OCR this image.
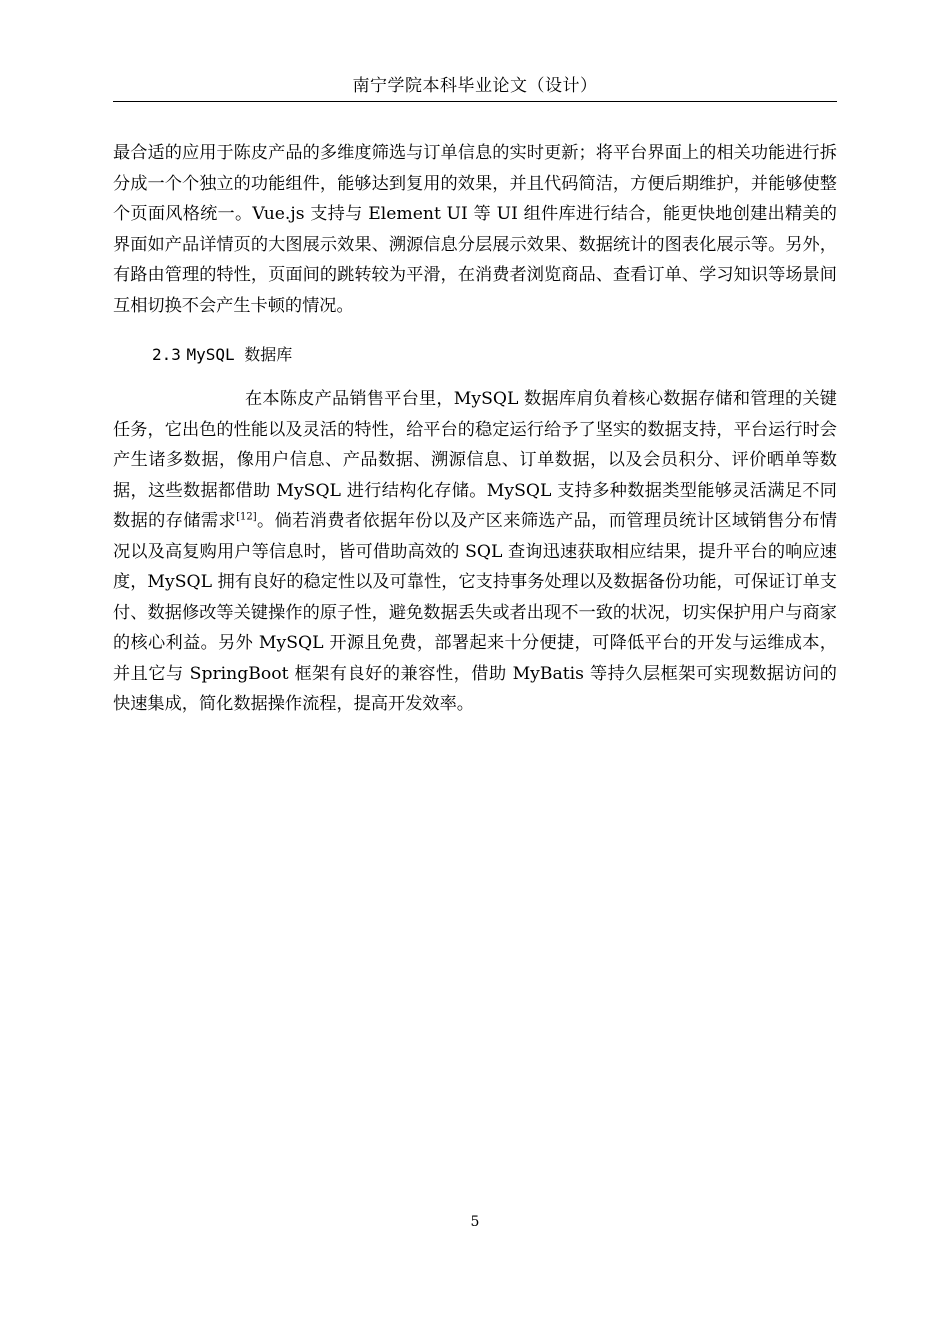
南宁学院本科毕业论文（设计）

最合适的应用于陈皮产品的多维度筛选与订单信息的实时更新；将平台界面上的相关功能进行拆分成一个个独立的功能组件，能够达到复用的效果，并且代码简洁，方便后期维护，并能够使整个页面风格统一。Vue.js 支持与 Element UI 等 UI 组件库进行结合，能更快地创建出精美的界面如产品详情页的大图展示效果、溯源信息分层展示效果、数据统计的图表化展示等。另外，有路由管理的特性，页面间的跳转较为平滑，在消费者浏览商品、查看订单、学习知识等场景间互相切换不会产生卡顿的情况。

2.3 MySQL 数据库

在本陈皮产品销售平台里，MySQL 数据库肩负着核心数据存储和管理的关键任务，它出色的性能以及灵活的特性，给平台的稳定运行给予了坚实的数据支持，平台运行时会产生诸多数据，像用户信息、产品数据、溯源信息、订单数据，以及会员积分、评价晒单等数据，这些数据都借助 MySQL 进行结构化存储。MySQL 支持多种数据类型能够灵活满足不同数据的存储需求[12]。倘若消费者依据年份以及产区来筛选产品，而管理员统计区域销售分布情况以及高复购用户等信息时，皆可借助高效的 SQL 查询迅速获取相应结果，提升平台的响应速度，MySQL 拥有良好的稳定性以及可靠性，它支持事务处理以及数据备份功能，可保证订单支付、数据修改等关键操作的原子性，避免数据丢失或者出现不一致的状况，切实保护用户与商家的核心利益。另外 MySQL 开源且免费，部署起来十分便捷，可降低平台的开发与运维成本，并且它与 SpringBoot 框架有良好的兼容性，借助 MyBatis 等持久层框架可实现数据访问的快速集成，简化数据操作流程，提高开发效率。

5
